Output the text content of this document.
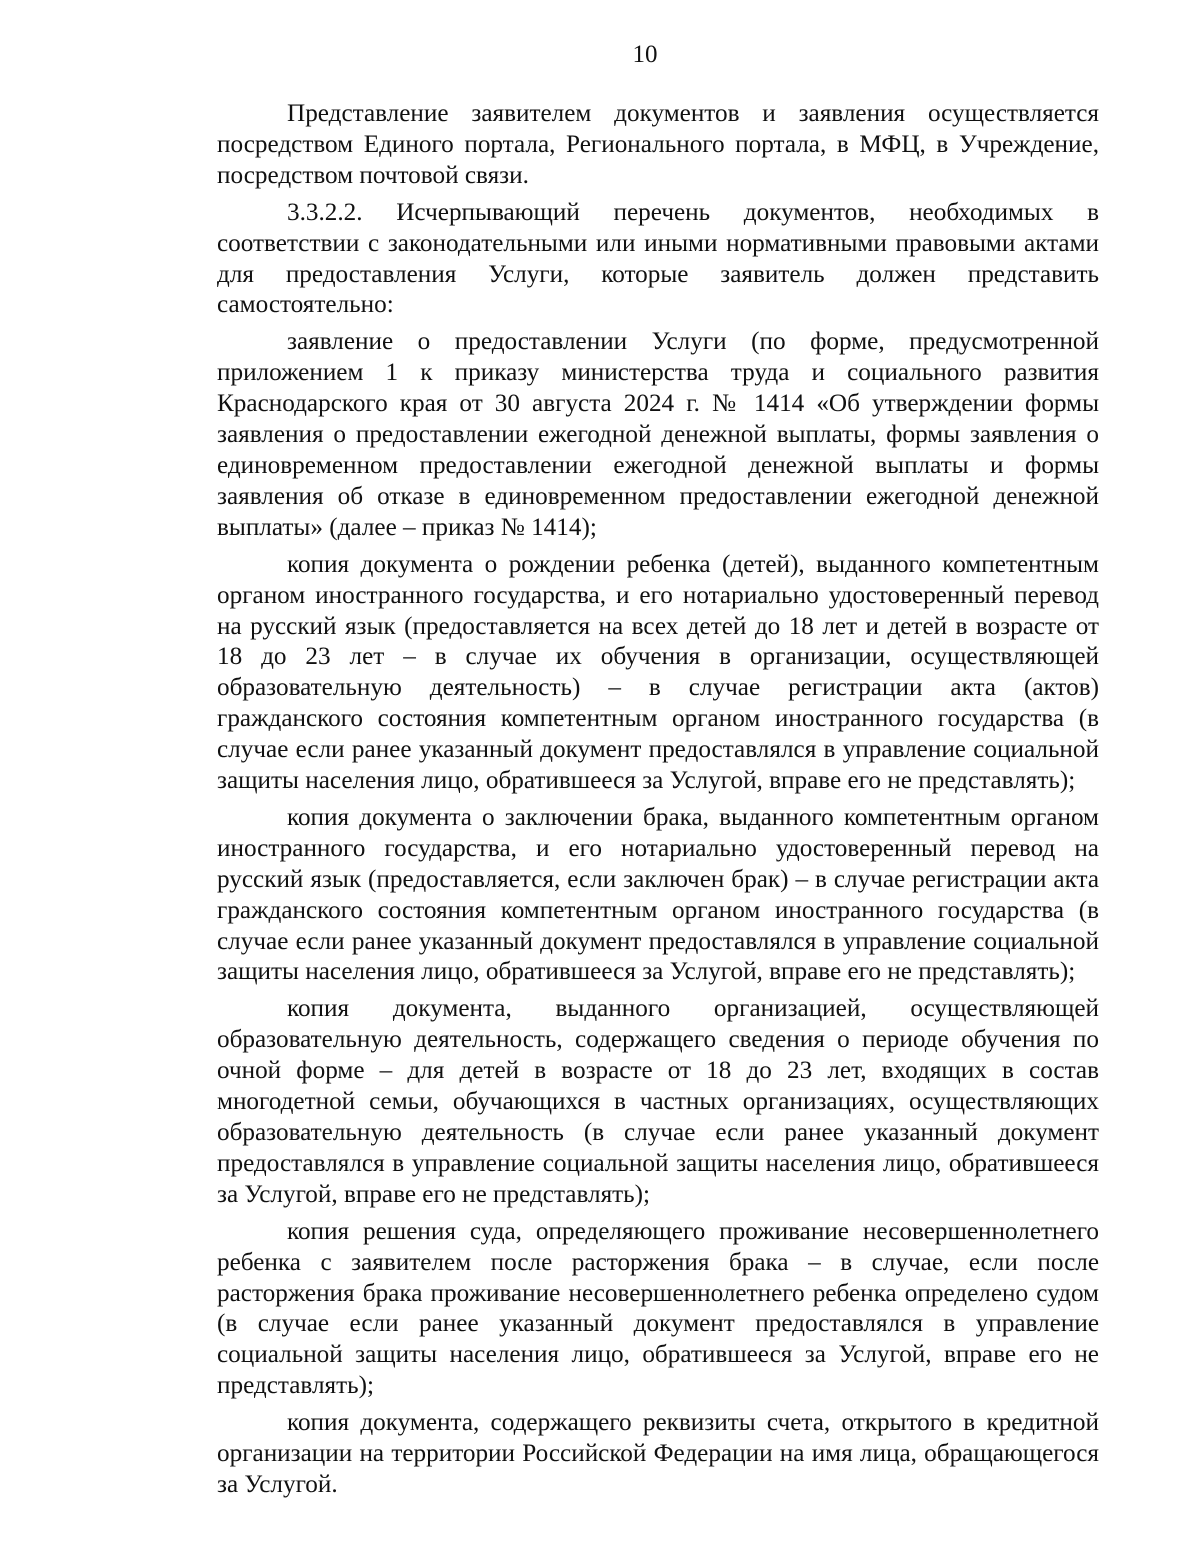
10

Представление заявителем документов и заявления осуществляется посредством Единого портала, Регионального портала, в МФЦ, в Учреждение, посредством почтовой связи.

3.3.2.2. Исчерпывающий перечень документов, необходимых в соответствии с законодательными или иными нормативными правовыми актами для предоставления Услуги, которые заявитель должен представить самостоятельно:

заявление о предоставлении Услуги (по форме, предусмотренной приложением 1 к приказу министерства труда и социального развития Краснодарского края от 30 августа 2024 г. № 1414 «Об утверждении формы заявления о предоставлении ежегодной денежной выплаты, формы заявления о единовременном предоставлении ежегодной денежной выплаты и формы заявления об отказе в единовременном предоставлении ежегодной денежной выплаты» (далее – приказ № 1414);

копия документа о рождении ребенка (детей), выданного компетентным органом иностранного государства, и его нотариально удостоверенный перевод на русский язык (предоставляется на всех детей до 18 лет и детей в возрасте от 18 до 23 лет – в случае их обучения в организации, осуществляющей образовательную деятельность) – в случае регистрации акта (актов) гражданского состояния компетентным органом иностранного государства (в случае если ранее указанный документ предоставлялся в управление социальной защиты населения лицо, обратившееся за Услугой, вправе его не представлять);

копия документа о заключении брака, выданного компетентным органом иностранного государства, и его нотариально удостоверенный перевод на русский язык (предоставляется, если заключен брак) – в случае регистрации акта гражданского состояния компетентным органом иностранного государства (в случае если ранее указанный документ предоставлялся в управление социальной защиты населения лицо, обратившееся за Услугой, вправе его не представлять);

копия документа, выданного организацией, осуществляющей образовательную деятельность, содержащего сведения о периоде обучения по очной форме – для детей в возрасте от 18 до 23 лет, входящих в состав многодетной семьи, обучающихся в частных организациях, осуществляющих образовательную деятельность (в случае если ранее указанный документ предоставлялся в управление социальной защиты населения лицо, обратившееся за Услугой, вправе его не представлять);

копия решения суда, определяющего проживание несовершеннолетнего ребенка с заявителем после расторжения брака – в случае, если после расторжения брака проживание несовершеннолетнего ребенка определено судом (в случае если ранее указанный документ предоставлялся в управление социальной защиты населения лицо, обратившееся за Услугой, вправе его не представлять);

копия документа, содержащего реквизиты счета, открытого в кредитной организации на территории Российской Федерации на имя лица, обращающегося за Услугой.
